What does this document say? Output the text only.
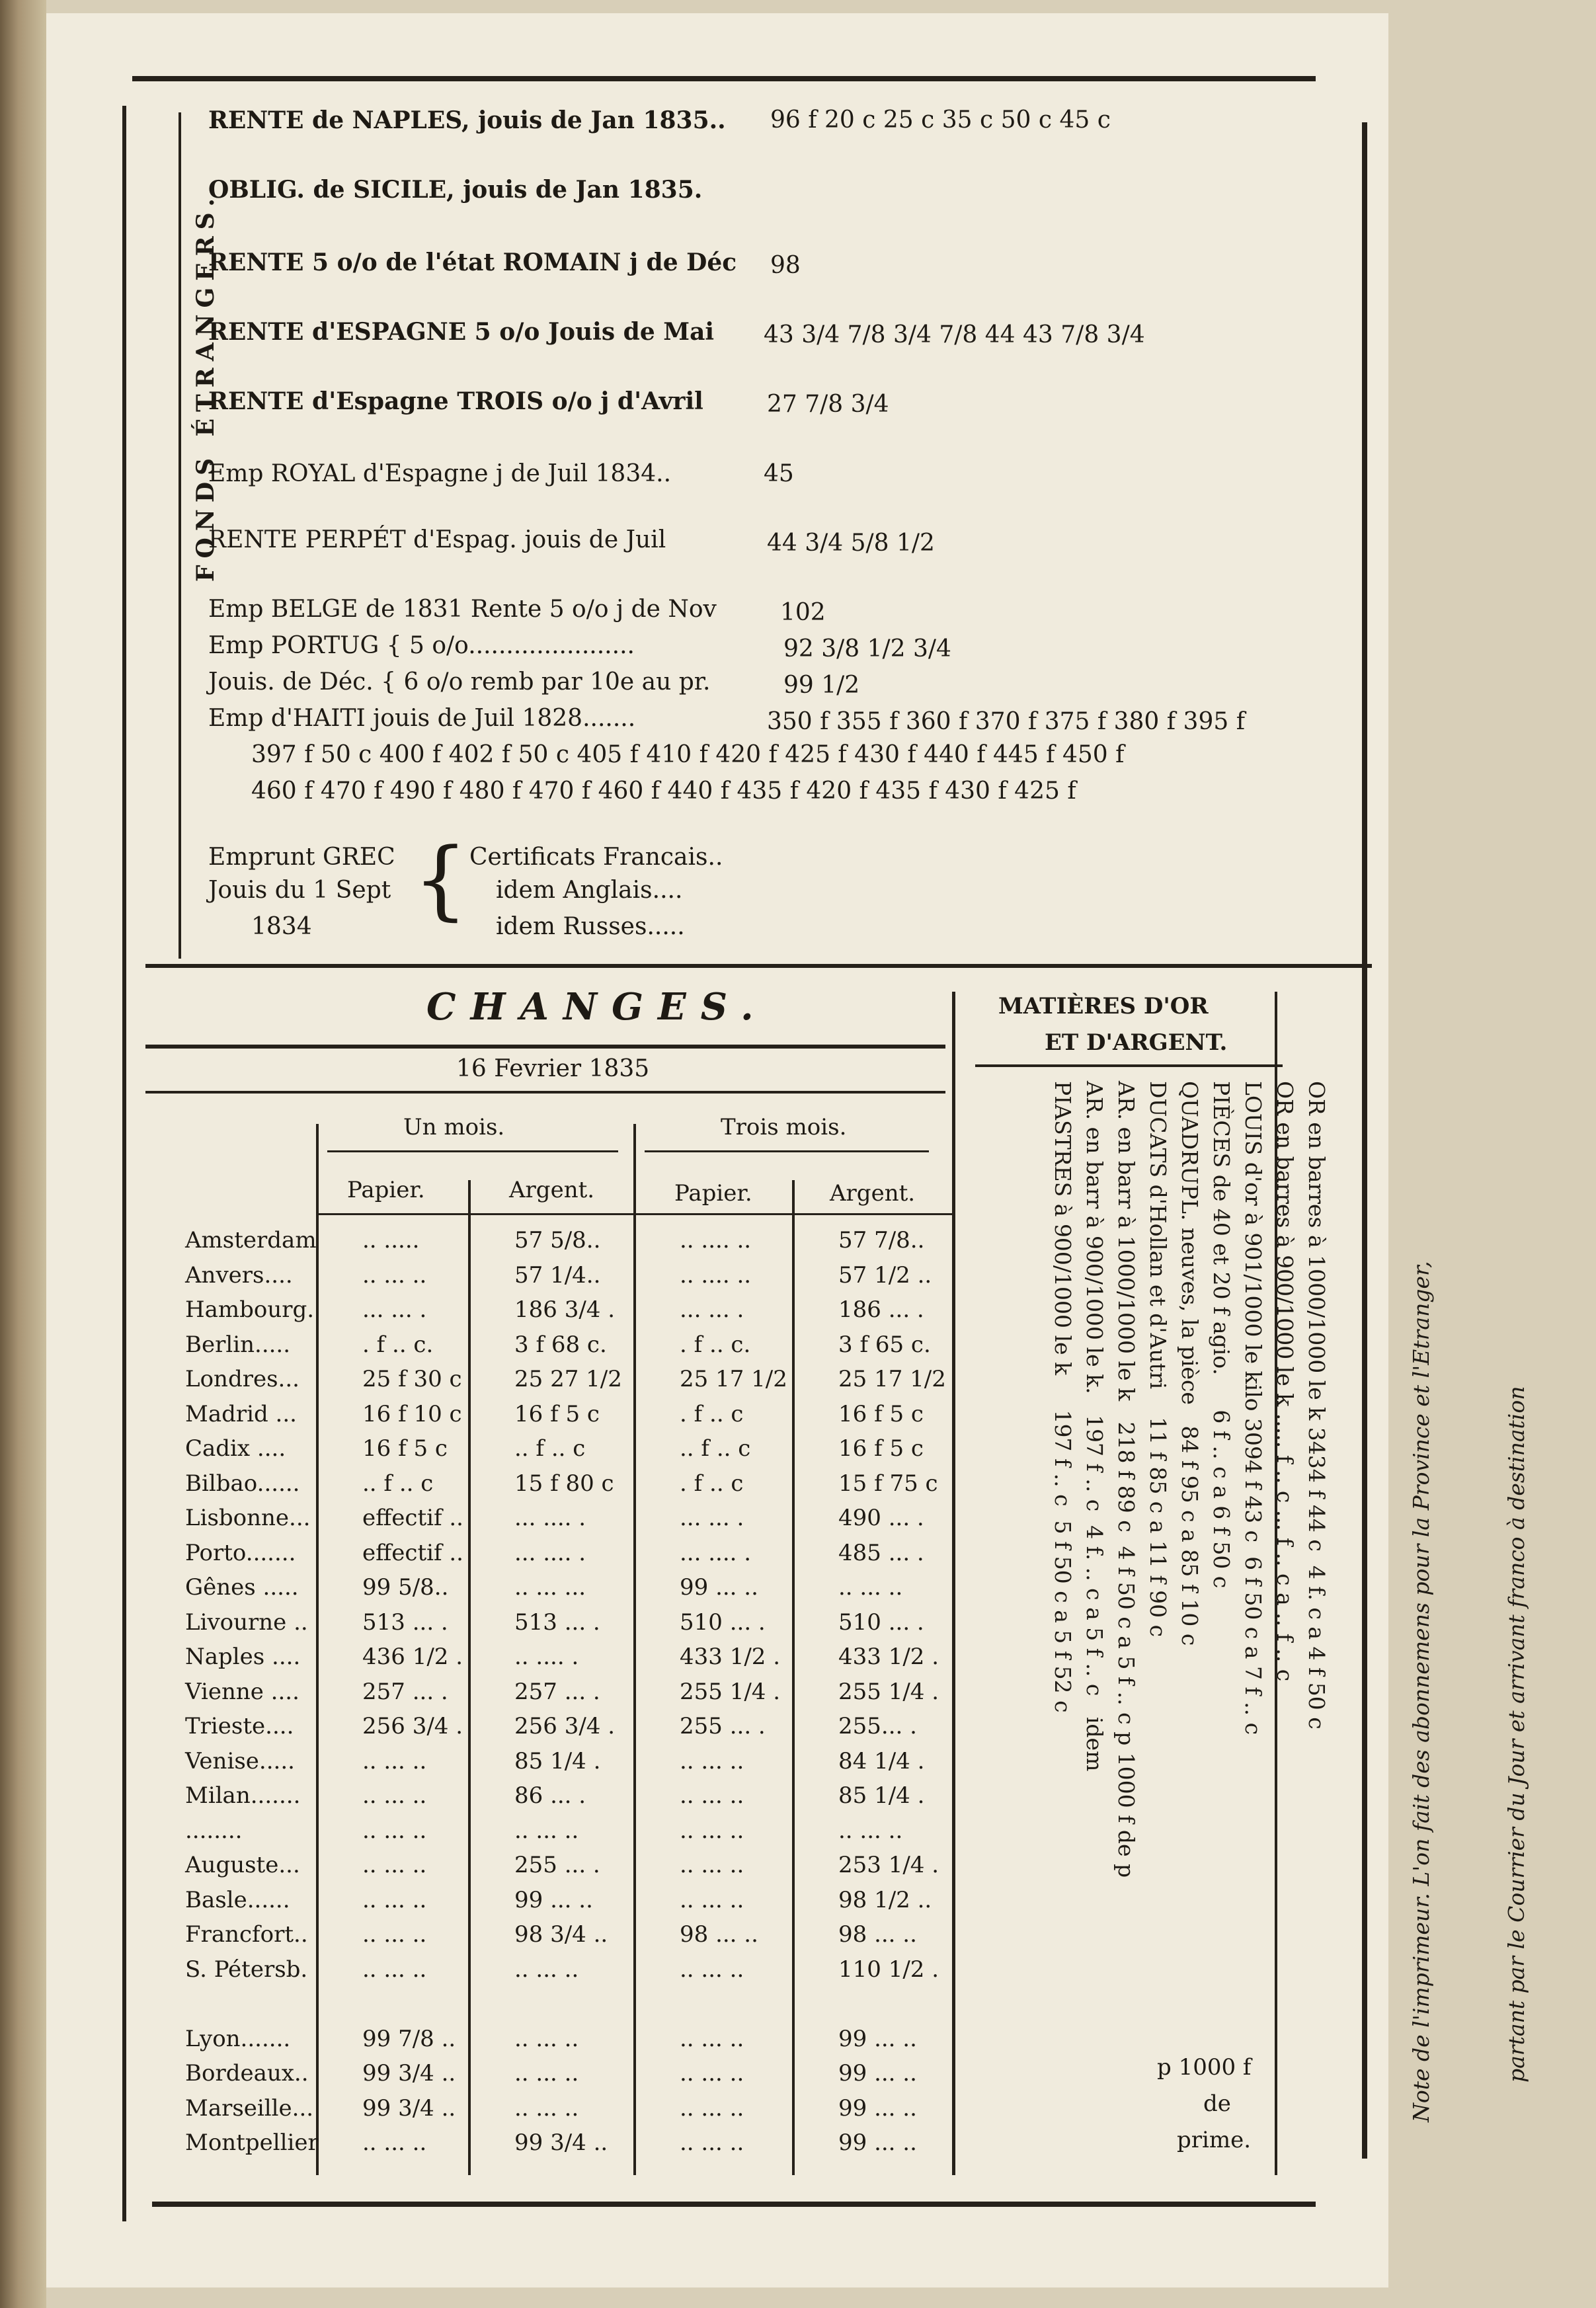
FONDS ÉTRANGERS.
RENTE de NAPLES, jouis de Jan 1835.. 96 f 20 c 25 c 35 c 50 c 45 c
OBLIG. de SICILE, jouis de Jan 1835.
RENTE 5 o/o de l'état ROMAIN j de Déc 98
RENTE d'ESPAGNE 5 o/o Jouis de Mai 43 3/4 7/8 3/4 7/8 44 43 7/8 3/4
RENTE d'Espagne TROIS o/o j d'Avril	27 7/8 3/4
Emp ROYAL d'Espagne j de Juil 1834..	45
RENTE PERPÉT d'Espag. jouis de Juil	44 3/4 5/8 1/2
Emp BELGE de 1831 Rente 5 o/o j de Nov	102
Emp PORTUG { 5 o/o......................	92 3/8 1/2 3/4
Jouis. de Déc. { 6 o/o remb par 10e au pr.	99 1/2
Emp d'HAITI jouis de Juil 1828.......	350 f 355 f 360 f 370 f 375 f 380 f 395 f
397 f 50 c 400 f 402 f 50 c 405 f 410 f 420 f 425 f 430 f 440 f 445 f 450 f
460 f 470 f 490 f 480 f 470 f 460 f 440 f 435 f 420 f 435 f 430 f 425 f
Emprunt GREC
Jouis du 1 Sept
1834 { Certificats Francais..
idem Anglais....
idem Russes.....
CHANGES.
16 Fevrier 1835
Un mois.	Trois mois.
Papier.	Argent.	Papier.	Argent.
Amsterdam	.. .....	57 5/8..	.. .... ..	57 7/8..
Anvers....	.. ... ..	57 1/4..	.. .... ..	57 1/2 ..
Hambourg.	... ... .	186 3/4 .	... ... .	186 ... .
Berlin.....	. f .. c.	3 f 68 c.	. f .. c.	3 f 65 c.
Londres...	25 f 30 c	25 27 1/2	25 17 1/2	25 17 1/2
Madrid ...	16 f 10 c	16 f 5 c	. f .. c	16 f 5 c
Cadix ....	16 f 5 c	.. f .. c	.. f .. c	16 f 5 c
Bilbao......	.. f .. c	15 f 80 c	. f .. c	15 f 75 c
Lisbonne...	effectif ..	... .... .	... ... .	490 ... .
Porto.......	effectif ..	... .... .	... .... .	485 ... .
Gênes .....	99 5/8..	.. ... ...	99 ... ..	.. ... ..
Livourne ..	513 ... .	513 ... .	510 ... .	510 ... .
Naples ....	436 1/2 .	.. .... .	433 1/2 .	433 1/2 .
Vienne ....	257 ... .	257 ... .	255 1/4 .	255 1/4 .
Trieste....	256 3/4 .	256 3/4 .	255 ... .	255... .
Venise.....	.. ... ..	85 1/4 .	.. ... ..	84 1/4 .
Milan.......	.. ... ..	86 ... .	.. ... ..	85 1/4 .
........	.. ... ..	.. ... ..	.. ... ..	.. ... ..
Auguste...	.. ... ..	255 ... .	.. ... ..	253 1/4 .
Basle......	.. ... ..	99 ... ..	.. ... ..	98 1/2 ..
Francfort..	.. ... ..	98 3/4 ..	98 ... ..	98 ... ..
S. Pétersb.	.. ... ..	.. ... ..	.. ... ..	110 1/2 .

Lyon.......	99 7/8 ..	.. ... ..	.. ... ..	99 ... ..
Bordeaux..	99 3/4 ..	.. ... ..	.. ... ..	99 ... ..
Marseille...	99 3/4 ..	.. ... ..	.. ... ..	99 ... ..
Montpellier	.. ... ..	99 3/4 ..	.. ... ..	99 ... ..
MATIÈRES D'OR
ET D'ARGENT.
OR en barres à 1000/1000 le k 3434 f 44 c  4 f. c a 4 f 50 c
OR en barres à 900/1000 le k ..... f .. c ... f .. c a .. f .. c
LOUIS d'or à 901/1000 le kilo 3094 f 43 c  6 f 50 c a 7 f .. c
PIÈCES de 40 et 20 f agio.     6 f .. c a 6 f 50 c
QUADRUPL. neuves, la pièce   84 f 95 c a 85 f 10 c
DUCATS d'Hollan et d'Autri    11 f 85 c a 11 f 90 c
AR. en barr à 1000/1000 le k   218 f 89 c  4 f 50 c a 5 f .. c p 1000 f de p
AR. en barr à 900/1000 le k.   197 f .. c  4 f. .. c a 5 f .. c   idem
PIASTRES à 900/1000 le k     197 f .. c  5 f 50 c a 5 f 52 c
p 1000 f
de
prime.

Note de l'imprimeur. L'on fait des abonnemens pour la Province et l'Etranger,

	partant par le Courrier du Jour et arrivant franco à destination
